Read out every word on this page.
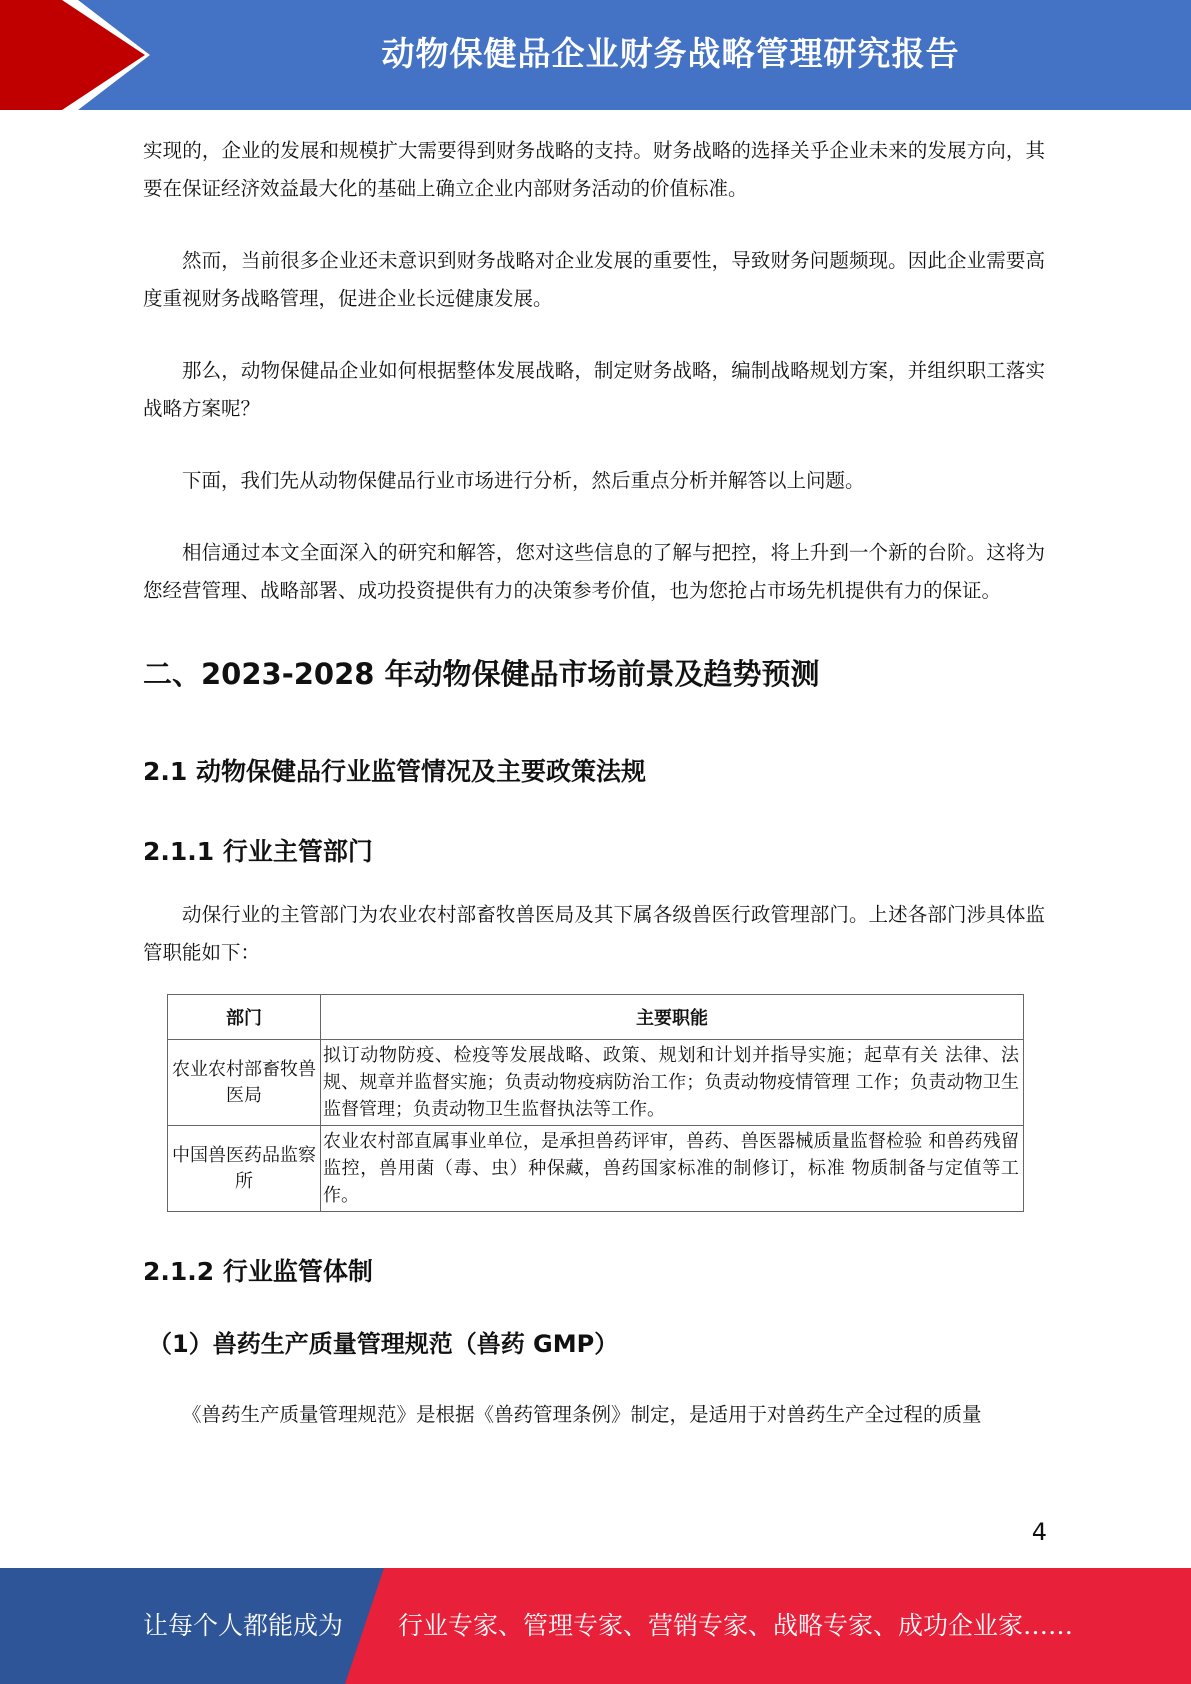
动物保健品企业财务战略管理研究报告

实现的，企业的发展和规模扩大需要得到财务战略的支持。财务战略的选择关乎企业未来的发展方向，其要在保证经济效益最大化的基础上确立企业内部财务活动的价值标准。

然而，当前很多企业还未意识到财务战略对企业发展的重要性，导致财务问题频现。因此企业需要高度重视财务战略管理，促进企业长远健康发展。

那么，动物保健品企业如何根据整体发展战略，制定财务战略，编制战略规划方案，并组织职工落实战略方案呢？

下面，我们先从动物保健品行业市场进行分析，然后重点分析并解答以上问题。

相信通过本文全面深入的研究和解答，您对这些信息的了解与把控，将上升到一个新的台阶。这将为您经营管理、战略部署、成功投资提供有力的决策参考价值，也为您抢占市场先机提供有力的保证。

二、2023-2028 年动物保健品市场前景及趋势预测
2.1 动物保健品行业监管情况及主要政策法规
2.1.1 行业主管部门

动保行业的主管部门为农业农村部畜牧兽医局及其下属各级兽医行政管理部门。上述各部门涉具体监管职能如下：

部门	主要职能
农业农村部畜牧兽医局	拟订动物防疫、检疫等发展战略、政策、规划和计划并指导实施；起草有关 法律、法规、规章并监督实施；负责动物疫病防治工作；负责动物疫情管理 工作；负责动物卫生监督管理；负责动物卫生监督执法等工作。
中国兽医药品监察所	农业农村部直属事业单位，是承担兽药评审，兽药、兽医器械质量监督检验 和兽药残留监控，兽用菌（毒、虫）种保藏，兽药国家标准的制修订，标准 物质制备与定值等工作。
2.1.2 行业监管体制
（1）兽药生产质量管理规范（兽药 GMP）

《兽药生产质量管理规范》是根据《兽药管理条例》制定，是适用于对兽药生产全过程的质量

4
让每个人都能成为 行业专家、管理专家、营销专家、战略专家、成功企业家……
